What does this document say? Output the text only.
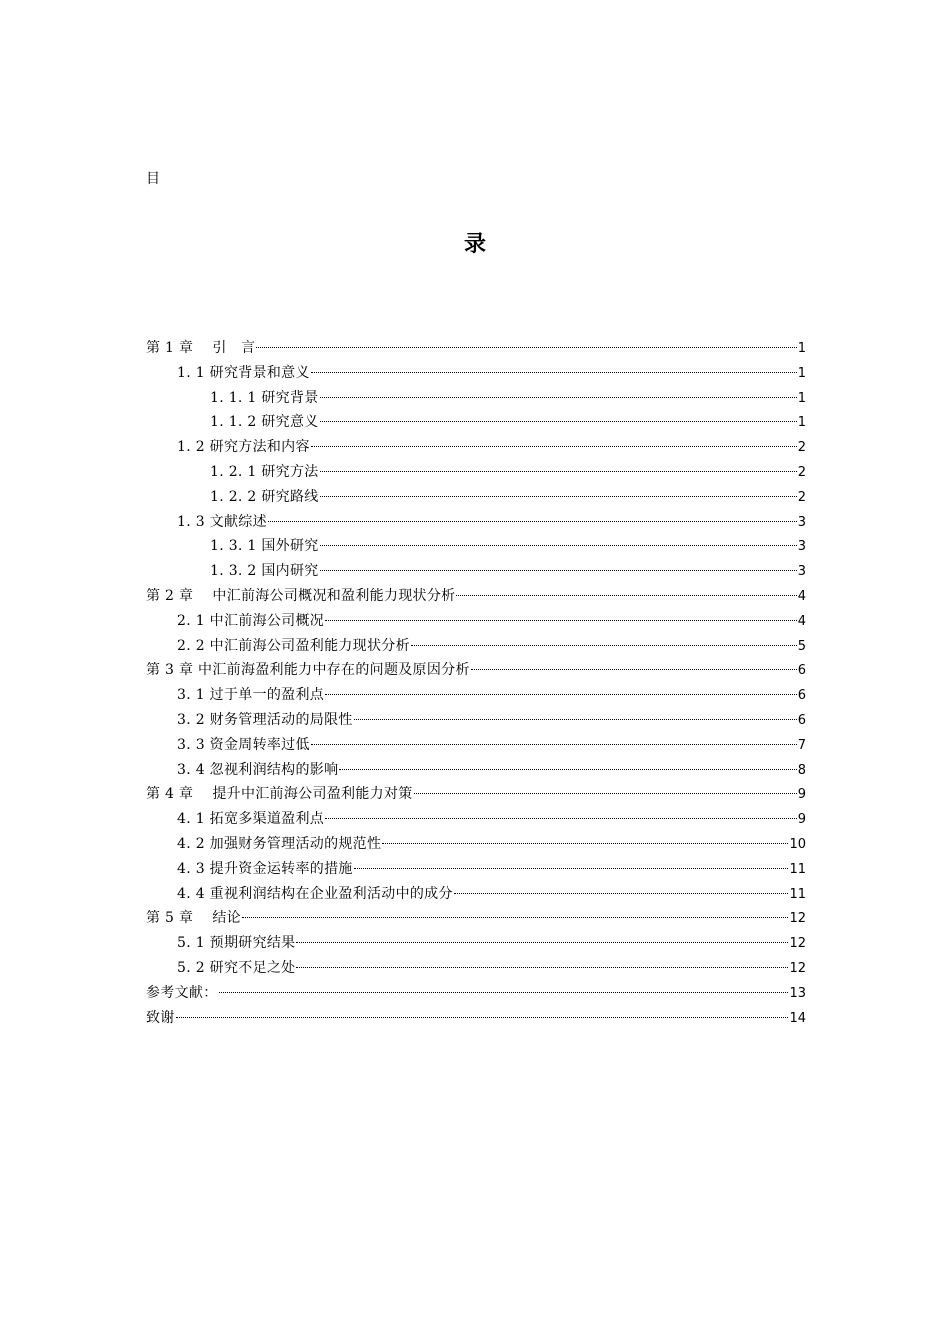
目
录
第 1 章　 引　言	1
1. 1 研究背景和意义	1
1. 1. 1 研究背景	1
1. 1. 2 研究意义	1
1. 2 研究方法和内容	2
1. 2. 1 研究方法	2
1. 2. 2 研究路线	2
1. 3 文献综述	3
1. 3. 1 国外研究	3
1. 3. 2 国内研究	3
第 2 章　 中汇前海公司概况和盈利能力现状分析	4
2. 1 中汇前海公司概况	4
2. 2 中汇前海公司盈利能力现状分析	5
第 3 章 中汇前海盈利能力中存在的问题及原因分析	6
3. 1 过于单一的盈利点	6
3. 2 财务管理活动的局限性	6
3. 3 资金周转率过低	7
3. 4 忽视利润结构的影响	8
第 4 章　 提升中汇前海公司盈利能力对策	9
4. 1 拓宽多渠道盈利点	9
4. 2 加强财务管理活动的规范性	10
4. 3 提升资金运转率的措施	11
4. 4 重视利润结构在企业盈利活动中的成分	11
第 5 章　 结论	12
5. 1 预期研究结果	12
5. 2 研究不足之处	12
参考文献：	13
致谢	14
